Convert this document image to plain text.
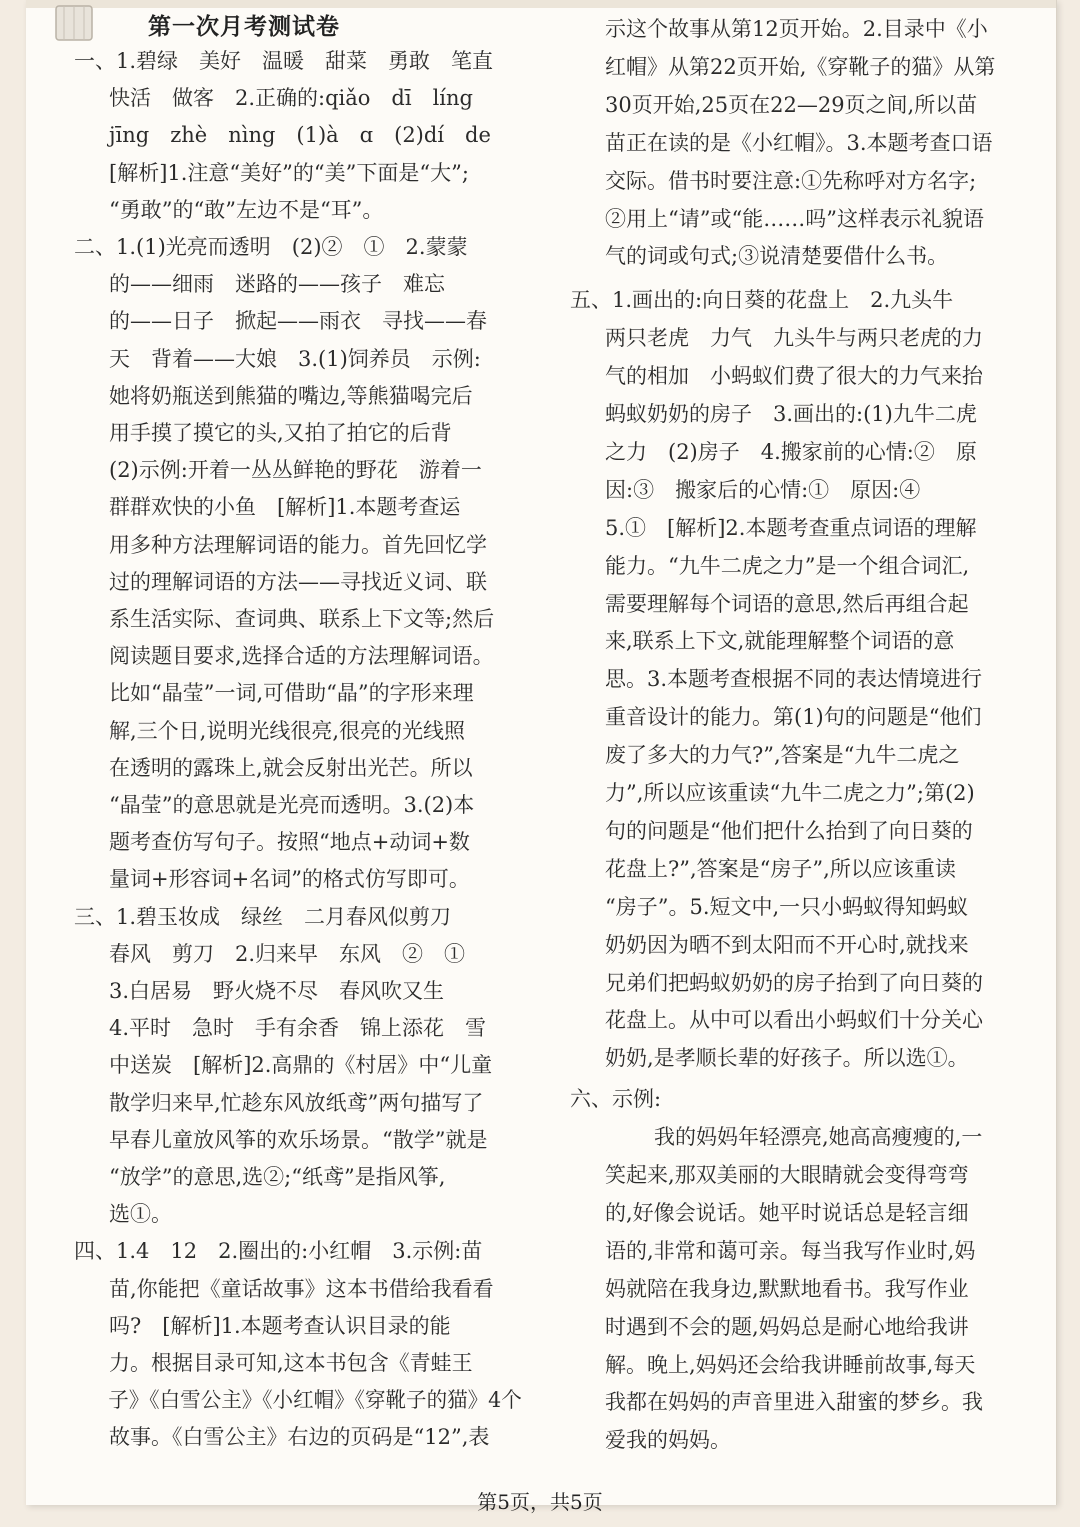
第一次月考测试卷
一、1.碧绿　美好　温暖　甜菜　勇敢　笔直
快活　做客　2.正确的:qiǎo　dī　líng
jīng　zhè　nìng　(1)à　ɑ　(2)dí　de
[解析]1.注意“美好”的“美”下面是“大”;
“勇敢”的“敢”左边不是“耳”。
二、1.(1)光亮而透明　(2)②　①　2.蒙蒙
的——细雨　迷路的——孩子　难忘
的——日子　掀起——雨衣　寻找——春
天　背着——大娘　3.(1)饲养员　示例:
她将奶瓶送到熊猫的嘴边,等熊猫喝完后
用手摸了摸它的头,又拍了拍它的后背
(2)示例:开着一丛丛鲜艳的野花　游着一
群群欢快的小鱼　[解析]1.本题考查运
用多种方法理解词语的能力。首先回忆学
过的理解词语的方法——寻找近义词、联
系生活实际、查词典、联系上下文等;然后
阅读题目要求,选择合适的方法理解词语。
比如“晶莹”一词,可借助“晶”的字形来理
解,三个日,说明光线很亮,很亮的光线照
在透明的露珠上,就会反射出光芒。所以
“晶莹”的意思就是光亮而透明。3.(2)本
题考查仿写句子。按照“地点+动词+数
量词+形容词+名词”的格式仿写即可。
三、1.碧玉妆成　绿丝　二月春风似剪刀
春风　剪刀　2.归来早　东风　②　①
3.白居易　野火烧不尽　春风吹又生
4.平时　急时　手有余香　锦上添花　雪
中送炭　[解析]2.高鼎的《村居》中“儿童
散学归来早,忙趁东风放纸鸢”两句描写了
早春儿童放风筝的欢乐场景。“散学”就是
“放学”的意思,选②;“纸鸢”是指风筝,
选①。
四、1.4　12　2.圈出的:小红帽　3.示例:苗
苗,你能把《童话故事》这本书借给我看看
吗?　[解析]1.本题考查认识目录的能
力。根据目录可知,这本书包含《青蛙王
子》《白雪公主》《小红帽》《穿靴子的猫》4个
故事。《白雪公主》右边的页码是“12”,表
示这个故事从第12页开始。2.目录中《小
红帽》从第22页开始,《穿靴子的猫》从第
30页开始,25页在22—29页之间,所以苗
苗正在读的是《小红帽》。3.本题考查口语
交际。借书时要注意:①先称呼对方名字;
②用上“请”或“能……吗”这样表示礼貌语
气的词或句式;③说清楚要借什么书。
五、1.画出的:向日葵的花盘上　2.九头牛
两只老虎　力气　九头牛与两只老虎的力
气的相加　小蚂蚁们费了很大的力气来抬
蚂蚁奶奶的房子　3.画出的:(1)九牛二虎
之力　(2)房子　4.搬家前的心情:②　原
因:③　搬家后的心情:①　原因:④
5.①　[解析]2.本题考查重点词语的理解
能力。“九牛二虎之力”是一个组合词汇,
需要理解每个词语的意思,然后再组合起
来,联系上下文,就能理解整个词语的意
思。3.本题考查根据不同的表达情境进行
重音设计的能力。第(1)句的问题是“他们
废了多大的力气?”,答案是“九牛二虎之
力”,所以应该重读“九牛二虎之力”;第(2)
句的问题是“他们把什么抬到了向日葵的
花盘上?”,答案是“房子”,所以应该重读
“房子”。5.短文中,一只小蚂蚁得知蚂蚁
奶奶因为晒不到太阳而不开心时,就找来
兄弟们把蚂蚁奶奶的房子抬到了向日葵的
花盘上。从中可以看出小蚂蚁们十分关心
奶奶,是孝顺长辈的好孩子。所以选①。
六、示例:
我的妈妈年轻漂亮,她高高瘦瘦的,一
笑起来,那双美丽的大眼睛就会变得弯弯
的,好像会说话。她平时说话总是轻言细
语的,非常和蔼可亲。每当我写作业时,妈
妈就陪在我身边,默默地看书。我写作业
时遇到不会的题,妈妈总是耐心地给我讲
解。晚上,妈妈还会给我讲睡前故事,每天
我都在妈妈的声音里进入甜蜜的梦乡。我
爱我的妈妈。
第5页，共5页
